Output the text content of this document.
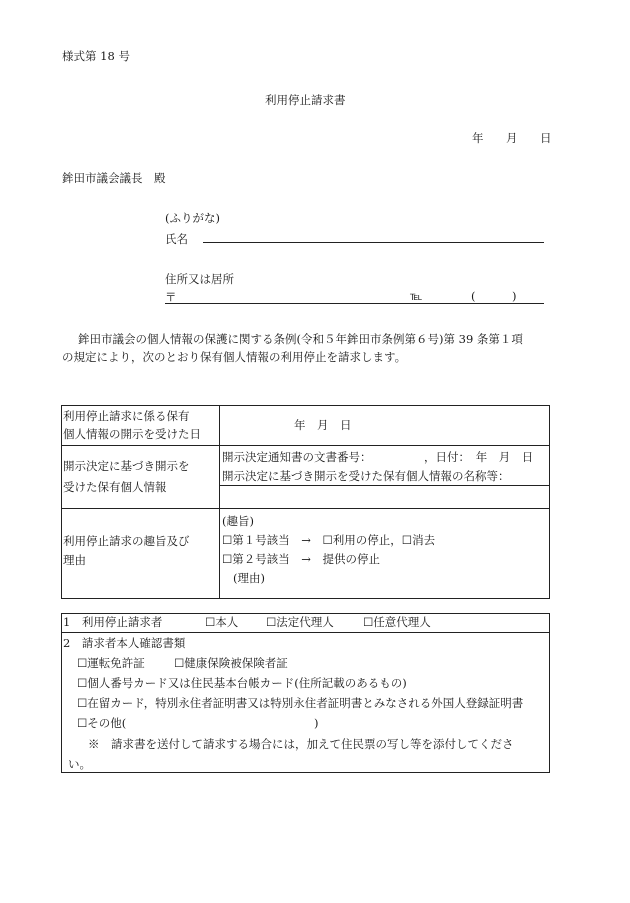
様式第 18 号
利用停止請求書
年 月 日
鉾田市議会議長　殿
(ふりがな)
氏名
住所又は居所
〒	℡	(	)
鉾田市議会の個人情報の保護に関する条例(令和５年鉾田市条例第６号)第 39 条第１項
の規定により，次のとおり保有個人情報の利用停止を請求します。
利用停止請求に係る保有
個人情報の開示を受けた日
年　月　日
開示決定に基づき開示を
受けた保有個人情報
開示決定通知書の文書番号：	，日付：　年　月　日
開示決定に基づき開示を受けた保有個人情報の名称等：
利用停止請求の趣旨及び
理由
(趣旨)
☐第１号該当　→　☐利用の停止，☐消去
☐第２号該当　→　提供の停止
(理由)
1　利用停止請求者	☐本人 ☐法定代理人	☐任意代理人
2　請求者本人確認書類
☐運転免許証	☐健康保険被保険者証
☐個人番号カード又は住民基本台帳カード(住所記載のあるもの)
☐在留カード，特別永住者証明書又は特別永住者証明書とみなされる外国人登録証明書
☐その他(	)
※　請求書を送付して請求する場合には，加えて住民票の写し等を添付してくださ
い。
